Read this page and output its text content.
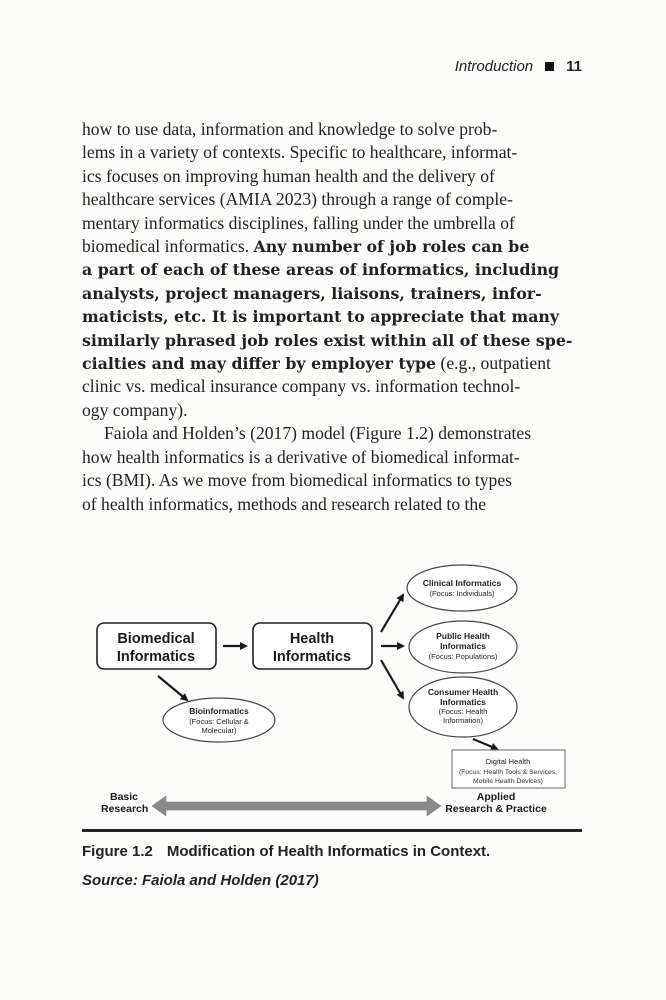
Introduction 11

how to use data, information and knowledge to solve prob-
lems in a variety of contexts. Specific to healthcare, informat-
ics focuses on improving human health and the delivery of
healthcare services (AMIA 2023) through a range of comple-
mentary informatics disciplines, falling under the umbrella of
biomedical informatics. Any number of job roles can be
a part of each of these areas of informatics, including
analysts, project managers, liaisons, trainers, infor-
maticists, etc. It is important to appreciate that many
similarly phrased job roles exist within all of these spe-
cialties and may differ by employer type (e.g., outpatient
clinic vs. medical insurance company vs. information technol-
ogy company).

Faiola and Holden’s (2017) model (Figure 1.2) demonstrates
how health informatics is a derivative of biomedical informat-
ics (BMI). As we move from biomedical informatics to types
of health informatics, methods and research related to the

Biomedical
Informatics
Health
Informatics
Clinical Informatics
(Focus: Individuals)
Public Health
Informatics
(Focus: Populations)
Consumer Health
Informatics
(Focus: Health
Information)
Bioinformatics
(Focus: Cellular &
Molecular)
Digital Health
(Focus: Health Tools & Services,
Mobile Health Devices)
Basic
Research
Applied
Research & Practice
Figure 1.2 Modification of Health Informatics in Context.
Source: Faiola and Holden (2017)
